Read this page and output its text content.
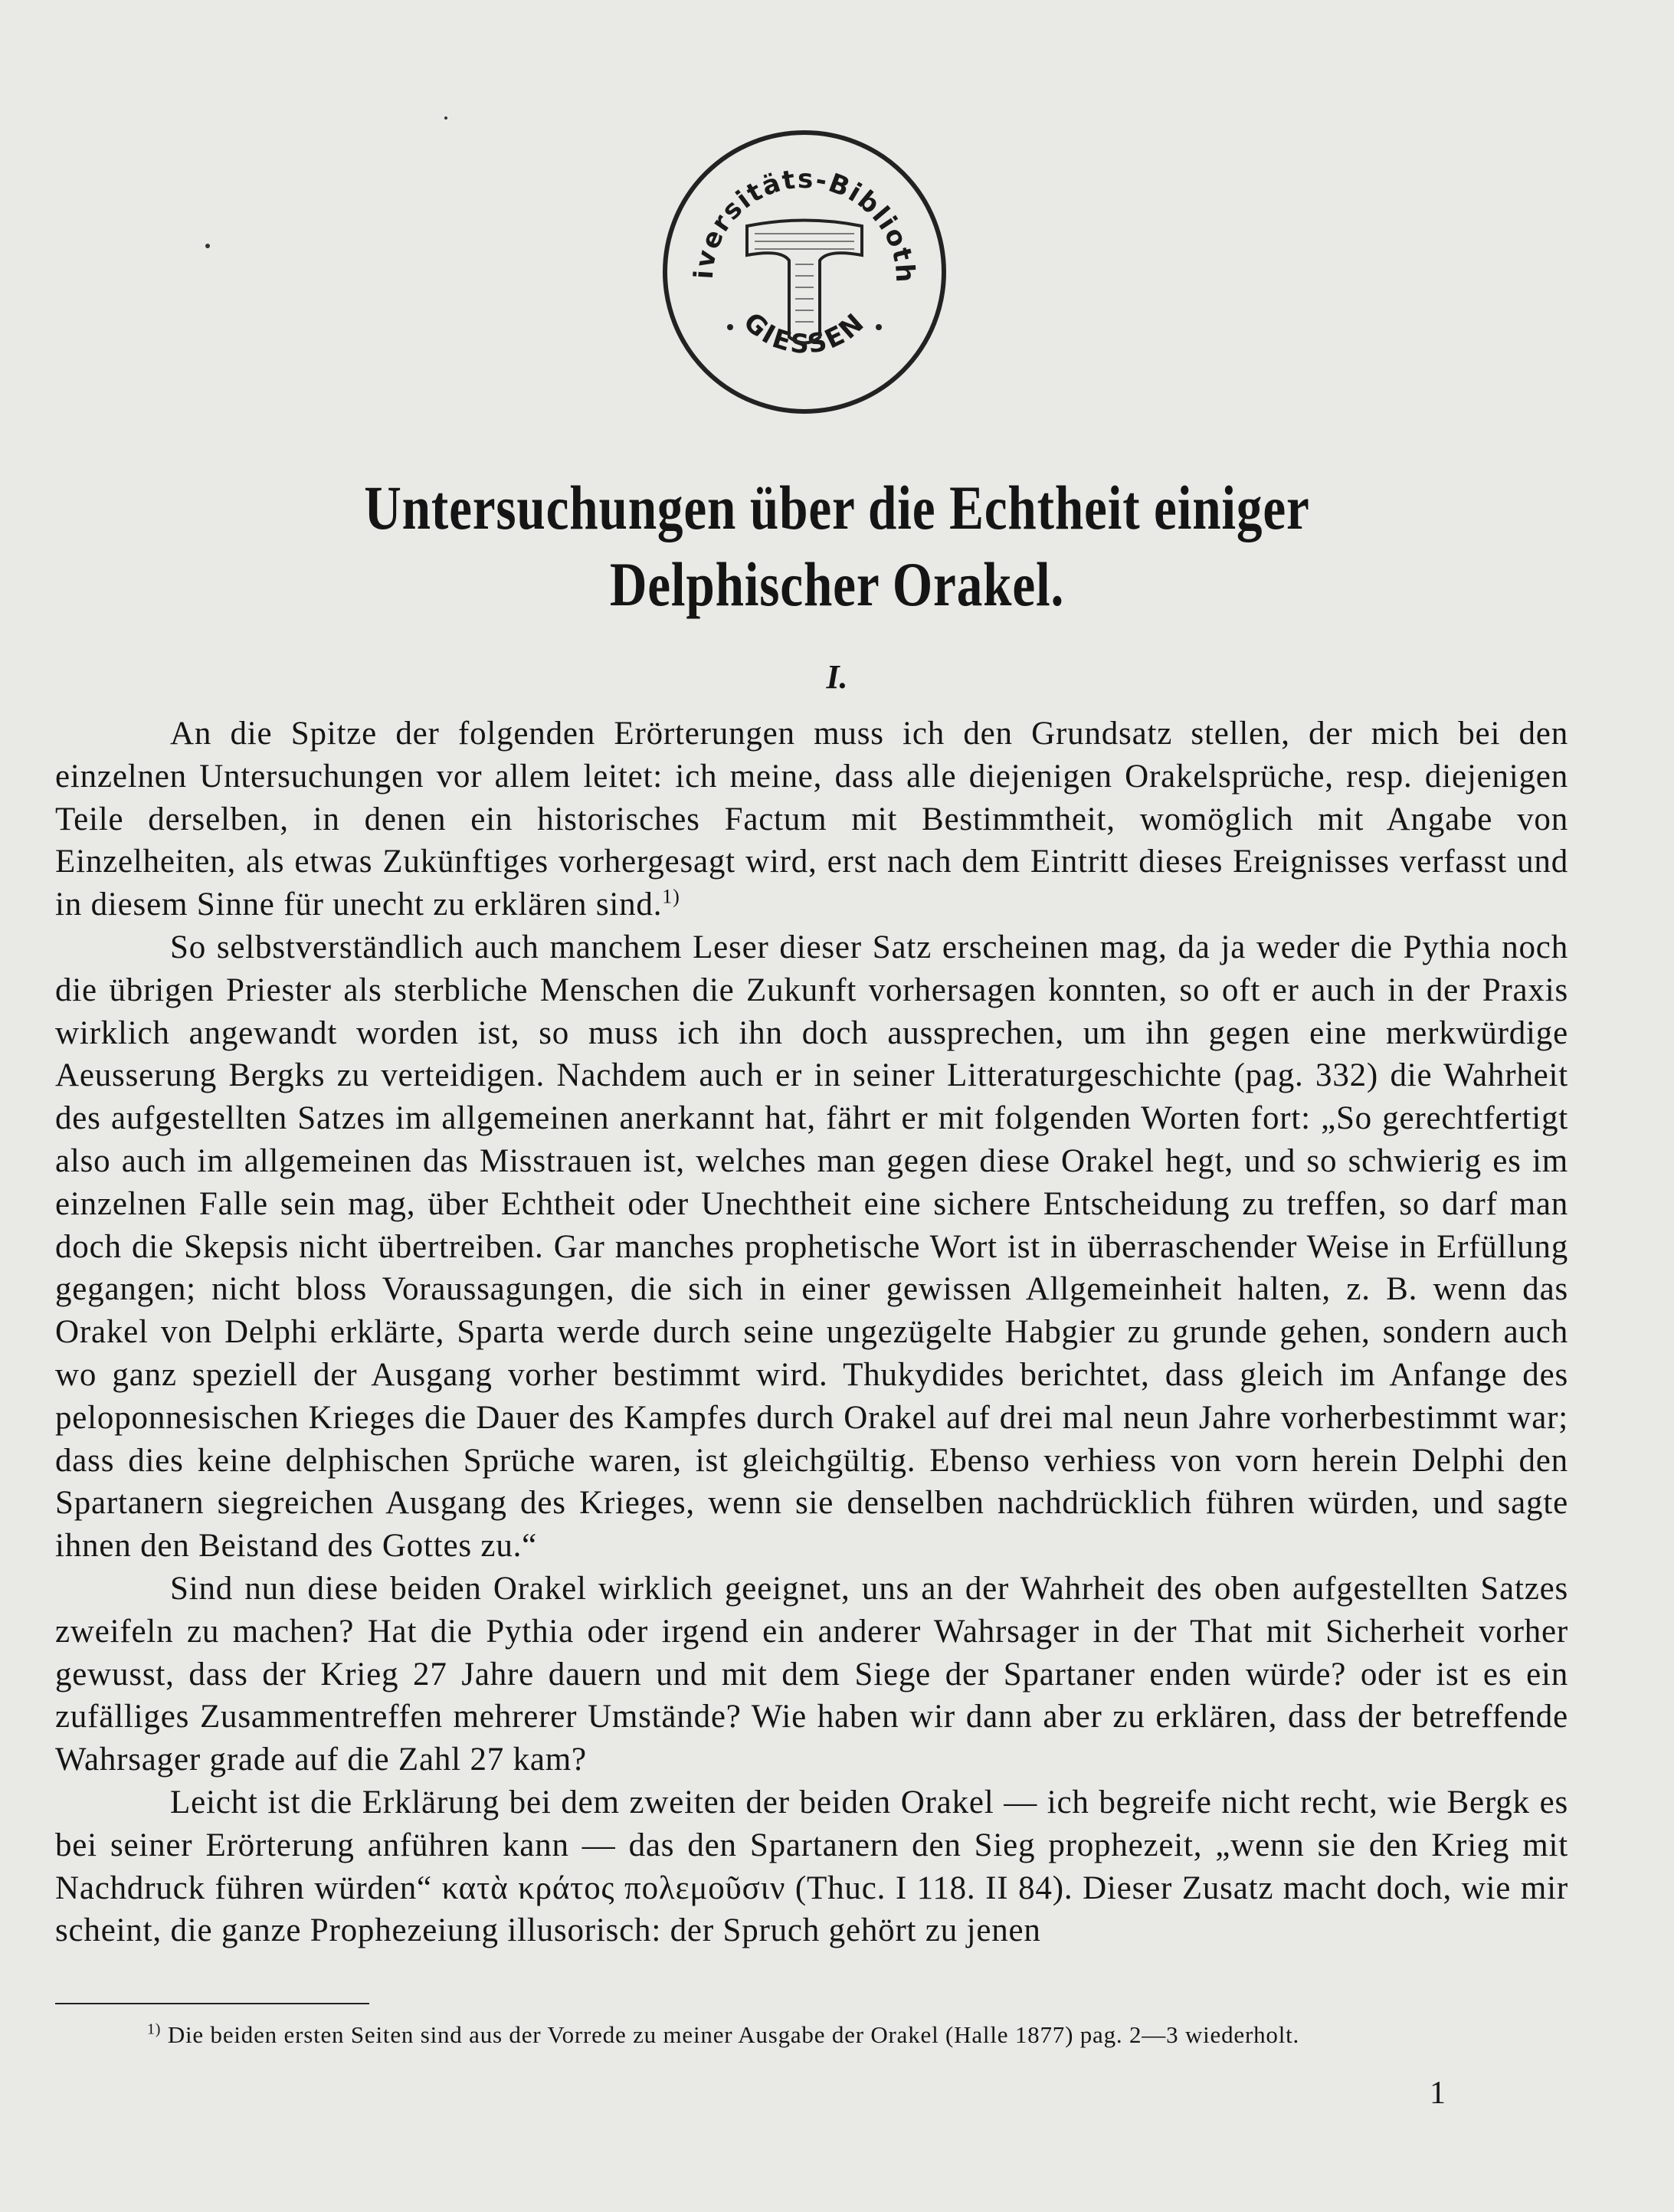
iversitäts-Biblioth
GIESSEN
Untersuchungen über die Echtheit einiger
Delphischer Orakel.
I.

An die Spitze der folgenden Erörterungen muss ich den Grundsatz stellen, der mich bei den einzelnen Untersuchungen vor allem leitet: ich meine, dass alle diejenigen Orakelsprüche, resp. diejenigen Teile derselben, in denen ein historisches Factum mit Bestimmtheit, womöglich mit Angabe von Einzelheiten, als etwas Zukünftiges vorhergesagt wird, erst nach dem Eintritt dieses Ereignisses verfasst und in diesem Sinne für unecht zu erklären sind.$^{1)}$

So selbstverständlich auch manchem Leser dieser Satz erscheinen mag, da ja weder die Pythia noch die übrigen Priester als sterbliche Menschen die Zukunft vorhersagen konnten, so oft er auch in der Praxis wirklich angewandt worden ist, so muss ich ihn doch aussprechen, um ihn gegen eine merkwürdige Aeusserung Bergks zu verteidigen. Nachdem auch er in seiner Litteraturgeschichte (pag. 332) die Wahrheit des aufgestellten Satzes im allgemeinen anerkannt hat, fährt er mit folgenden Worten fort: „So gerechtfertigt also auch im allgemeinen das Misstrauen ist, welches man gegen diese Orakel hegt, und so schwierig es im einzelnen Falle sein mag, über Echtheit oder Unechtheit eine sichere Entscheidung zu treffen, so darf man doch die Skepsis nicht übertreiben. Gar manches prophetische Wort ist in überraschender Weise in Erfüllung gegangen; nicht bloss Voraussagungen, die sich in einer gewissen Allgemeinheit halten, z. B. wenn das Orakel von Delphi erklärte, Sparta werde durch seine ungezügelte Habgier zu grunde gehen, sondern auch wo ganz speziell der Ausgang vorher bestimmt wird. Thukydides berichtet, dass gleich im Anfange des peloponnesischen Krieges die Dauer des Kampfes durch Orakel auf drei mal neun Jahre vorherbestimmt war; dass dies keine delphischen Sprüche waren, ist gleichgültig. Ebenso verhiess von vorn herein Delphi den Spartanern siegreichen Ausgang des Krieges, wenn sie denselben nachdrücklich führen würden, und sagte ihnen den Beistand des Gottes zu.“

Sind nun diese beiden Orakel wirklich geeignet, uns an der Wahrheit des oben aufgestellten Satzes zweifeln zu machen? Hat die Pythia oder irgend ein anderer Wahrsager in der That mit Sicherheit vorher gewusst, dass der Krieg 27 Jahre dauern und mit dem Siege der Spartaner enden würde? oder ist es ein zufälliges Zusammentreffen mehrerer Umstände? Wie haben wir dann aber zu erklären, dass der betreffende Wahrsager grade auf die Zahl 27 kam?

Leicht ist die Erklärung bei dem zweiten der beiden Orakel — ich begreife nicht recht, wie Bergk es bei seiner Erörterung anführen kann — das den Spartanern den Sieg prophezeit, „wenn sie den Krieg mit Nachdruck führen würden“ κατὰ κράτος πολεμοῦσιν (Thuc. I 118. II 84). Dieser Zusatz macht doch, wie mir scheint, die ganze Prophezeiung illusorisch: der Spruch gehört zu jenen

$^{1)}$ Die beiden ersten Seiten sind aus der Vorrede zu meiner Ausgabe der Orakel (Halle 1877) pag. 2—3 wiederholt.
1
